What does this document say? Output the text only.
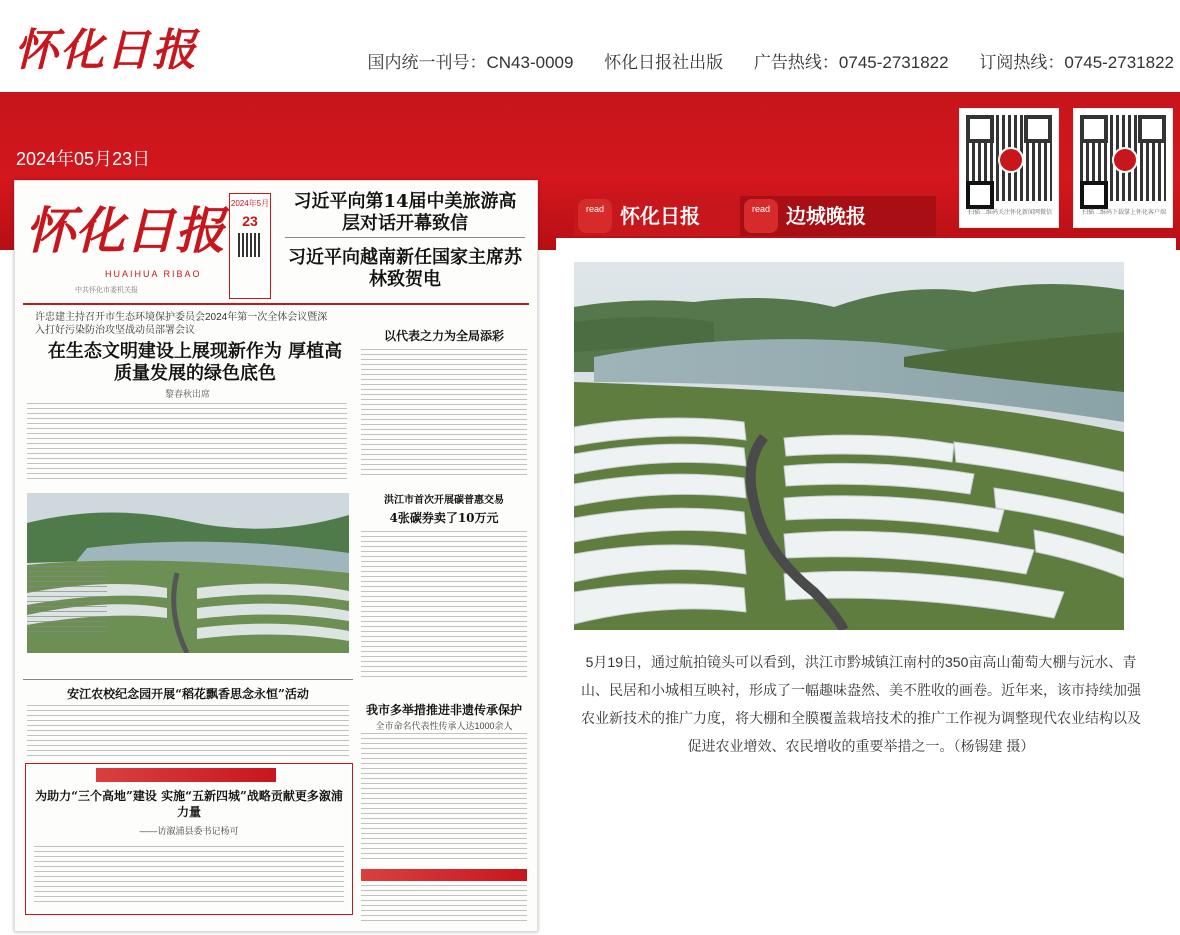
怀化日报	国内统一刊号：CN43-0009 怀化日报社出版 广告热线：0745-2731822 订阅热线：0745-2731822
2024年05月23日
扫描二维码关注怀化新闻网微信	扫描二维码下载掌上怀化客户端
怀化日报
HUAIHUA RIBAO
中共怀化市委机关报
2024年5月
23
习近平向第14届中美旅游高层对话开幕致信
习近平向越南新任国家主席苏林致贺电
许忠建主持召开市生态环境保护委员会2024年第一次全体会议暨深入打好污染防治攻坚战动员部署会议
在生态文明建设上展现新作为 厚植高质量发展的绿色底色
黎春秋出席
以代表之力为全局添彩
洪江市首次开展碳普惠交易
4张碳券卖了10万元
安江农校纪念园开展“稻花飘香思念永恒”活动
我市多举措推进非遗传承保护
全市命名代表性传承人达1000余人
为助力“三个高地”建设 实施“五新四城”战略贡献更多溆浦力量
——访溆浦县委书记杨可
read 怀化日报	read 边城晚报
5月19日，通过航拍镜头可以看到，洪江市黔城镇江南村的350亩高山葡萄大棚与沅水、青山、民居和小城相互映衬，形成了一幅趣味盎然、美不胜收的画卷。近年来，该市持续加强农业新技术的推广力度，将大棚和全膜覆盖栽培技术的推广工作视为调整现代农业结构以及促进农业增效、农民增收的重要举措之一。（杨锡建 摄）
